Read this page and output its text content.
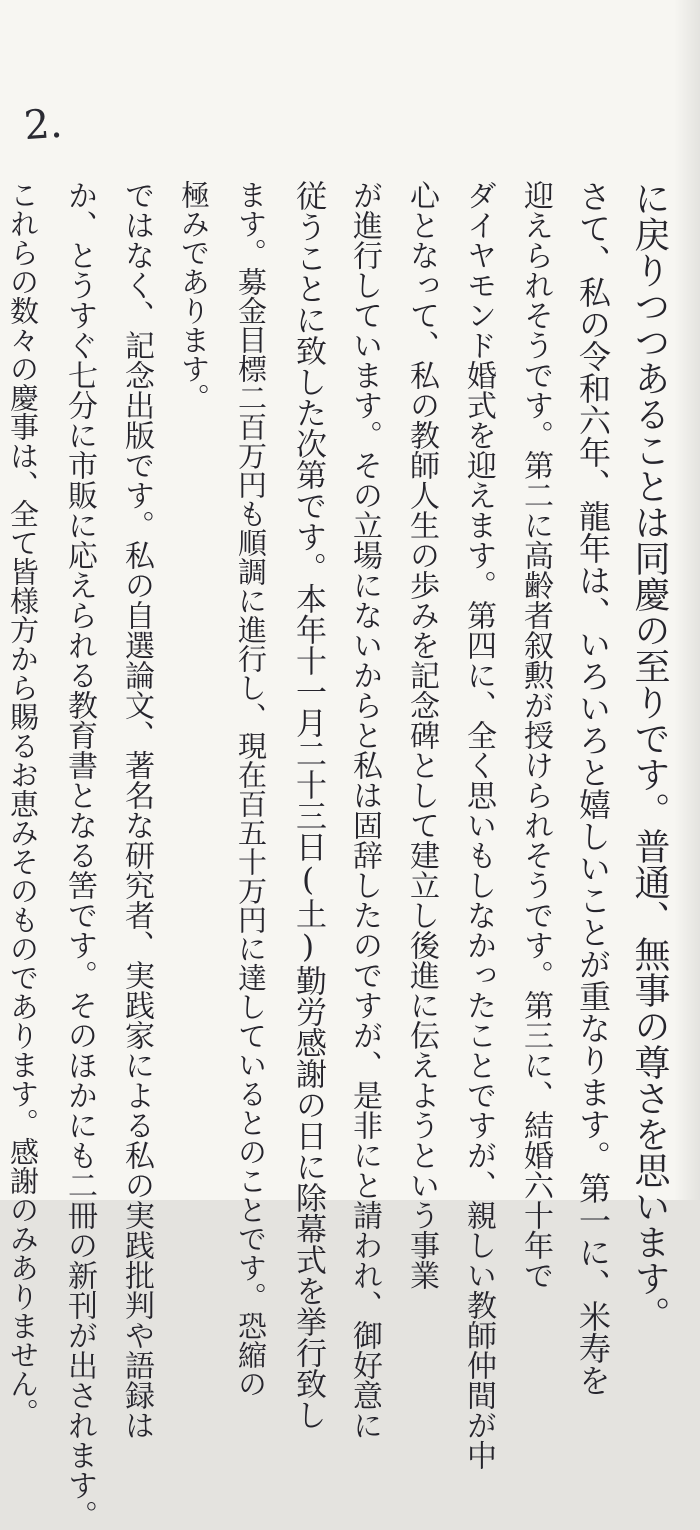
2.
に戻りつつあることは同慶の至りです。普通、無事の尊さを思います。
さて、私の令和六年、龍年は、いろいろと嬉しいことが重なります。第一に、米寿を
迎えられそうです。第二に高齢者叙勲が授けられそうです。第三に、結婚六十年で
ダイヤモンド婚式を迎えます。第四に、全く思いもしなかったことですが、親しい教師仲間が中
心となって、私の教師人生の歩みを記念碑として建立し後進に伝えようという事業
が進行しています。その立場にないからと私は固辞したのですが、是非にと請われ、御好意に
従うことに致した次第です。本年十一月二十三日(土)勤労感謝の日に除幕式を挙行致し
ます。募金目標二百万円も順調に進行し、現在百五十万円に達しているとのことです。恐縮の
極みであります。
ではなく、記念出版です。私の自選論文、著名な研究者、実践家による私の実践批判や語録は
か、とうすぐ七分に市販に応えられる教育書となる筈です。そのほかにも二冊の新刊が出されます。
これらの数々の慶事は、全て皆様方から賜るお恵みそのものであります。感謝のみありません。
